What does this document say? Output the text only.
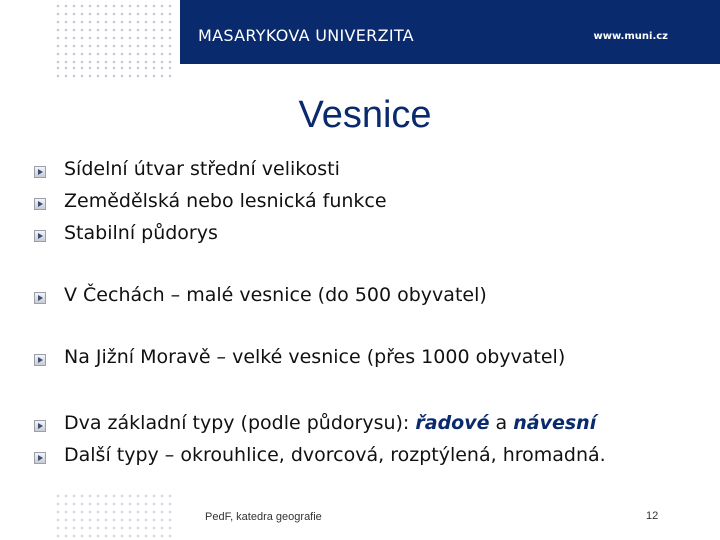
MASARYKOVA UNIVERZITA	www.muni.cz
Vesnice
Sídelní útvar střední velikosti
Zemědělská nebo lesnická funkce
Stabilní půdorys
V Čechách – malé vesnice (do 500 obyvatel)
Na Jižní Moravě – velké vesnice (přes 1000 obyvatel)
Dva základní typy (podle půdorysu): řadové a návesní
Další typy – okrouhlice, dvorcová, rozptýlená, hromadná.
PedF, katedra geografie	12
